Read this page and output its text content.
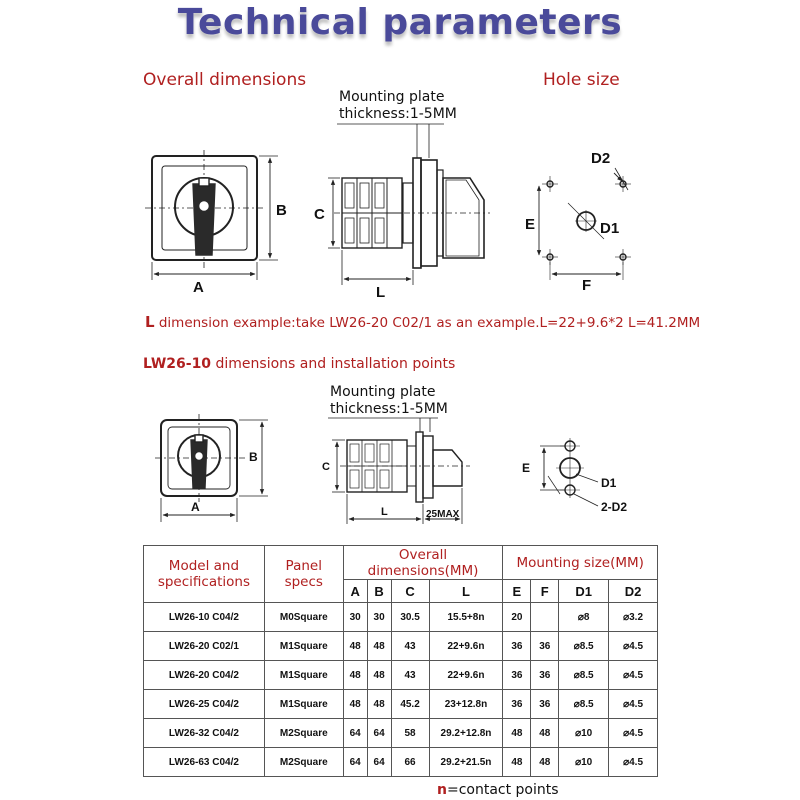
Technical parameters
Overall dimensions	Hole size
Mounting plate
thickness:1-5MM
Mounting plate
thickness:1-5MM
A
B C
L
E
F
D1
D2
A
B
C
L	25MAX
E
D1
2-D2
L dimension example:take LW26-20 C02/1 as an example.L=22+9.6*2 L=41.2MM
LW26-10 dimensions and installation points
Model and specifications	Panel specs	Overall dimensions(MM)				Mounting size(MM)			
		A	B	C	L	E	F	D1	D2
LW26-10 C04/2	M0Square	30	30	30.5	15.5+8n	20		⌀8	⌀3.2
LW26-20 C02/1	M1Square	48	48	43	22+9.6n	36	36	⌀8.5	⌀4.5
LW26-20 C04/2	M1Square	48	48	43	22+9.6n	36	36	⌀8.5	⌀4.5
LW26-25 C04/2	M1Square	48	48	45.2	23+12.8n	36	36	⌀8.5	⌀4.5
LW26-32 C04/2	M2Square	64	64	58	29.2+12.8n	48	48	⌀10	⌀4.5
LW26-63 C04/2	M2Square	64	64	66	29.2+21.5n	48	48	⌀10	⌀4.5
n=contact points
